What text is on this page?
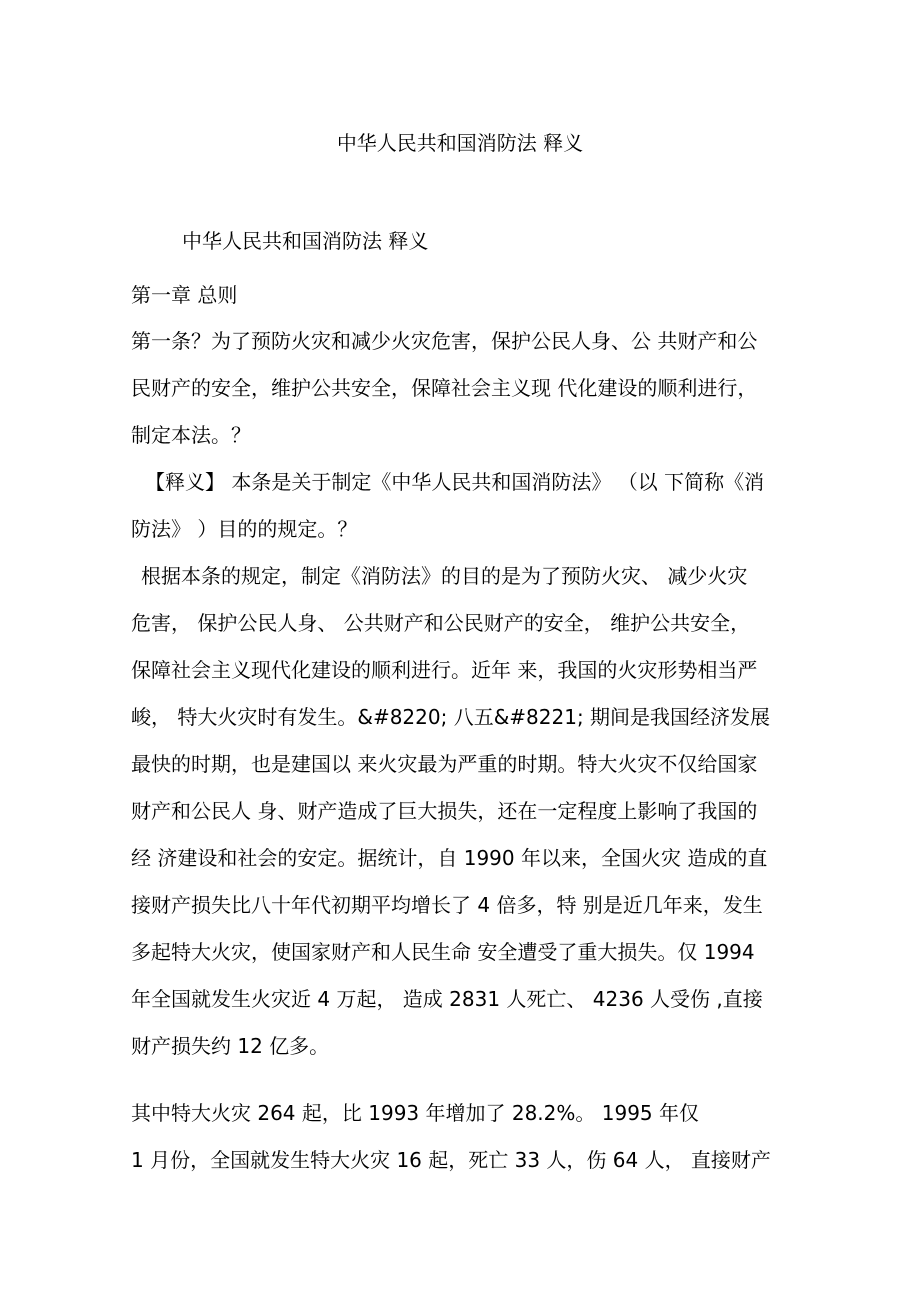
中华人民共和国消防法 释义
中华人民共和国消防法 释义

第一章 总则

第一条？为了预防火灾和减少火灾危害，保护公民人身、公 共财产和公
民财产的安全，维护公共安全，保障社会主义现 代化建设的顺利进行，
制定本法。？

【释义】 本条是关于制定《中华人民共和国消防法》 （以 下简称《消
防法》 ）目的的规定。？

根据本条的规定，制定《消防法》的目的是为了预防火灾、 减少火灾
危害， 保护公民人身、 公共财产和公民财产的安全， 维护公共安全，
保障社会主义现代化建设的顺利进行。近年 来，我国的火灾形势相当严
峻， 特大火灾时有发生。&#8220; 八五&#8221; 期间是我国经济发展
最快的时期，也是建国以 来火灾最为严重的时期。特大火灾不仅给国家
财产和公民人 身、财产造成了巨大损失，还在一定程度上影响了我国的
经 济建设和社会的安定。据统计，自 1990 年以来，全国火灾 造成的直
接财产损失比八十年代初期平均增长了 4 倍多，特 别是近几年来，发生
多起特大火灾，使国家财产和人民生命 安全遭受了重大损失。仅 1994
年全国就发生火灾近 4 万起， 造成 2831 人死亡、 4236 人受伤 ,直接
财产损失约 12 亿多。

其中特大火灾 264 起，比 1993 年增加了 28.2%。 1995 年仅
1 月份，全国就发生特大火灾 16 起，死亡 33 人，伤 64 人， 直接财产
